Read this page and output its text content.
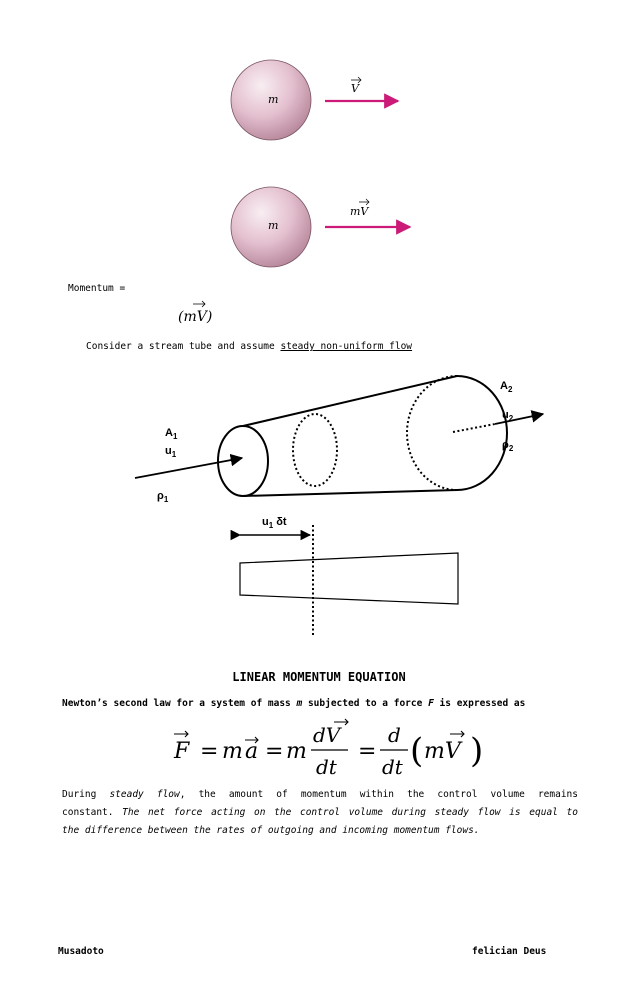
m
V
m
mV
Momentum =
(mV)
Consider a stream tube and assume steady non-uniform flow
$A_1$
$u_1$
$\rho_1$
$A_2$
$u_2$
$\rho_2$
$u_1$ δt
LINEAR MOMENTUM EQUATION
Newton’s second law for a system of mass m subjected to a force F is expressed as
F = m a = m
dV
dt
=
d
dt ( mV )
During steady flow, the amount of momentum within the control volume remains
constant. The net force acting on the control volume during steady flow is equal to
the difference between the rates of outgoing and incoming momentum flows.
Musadoto	felician Deus
